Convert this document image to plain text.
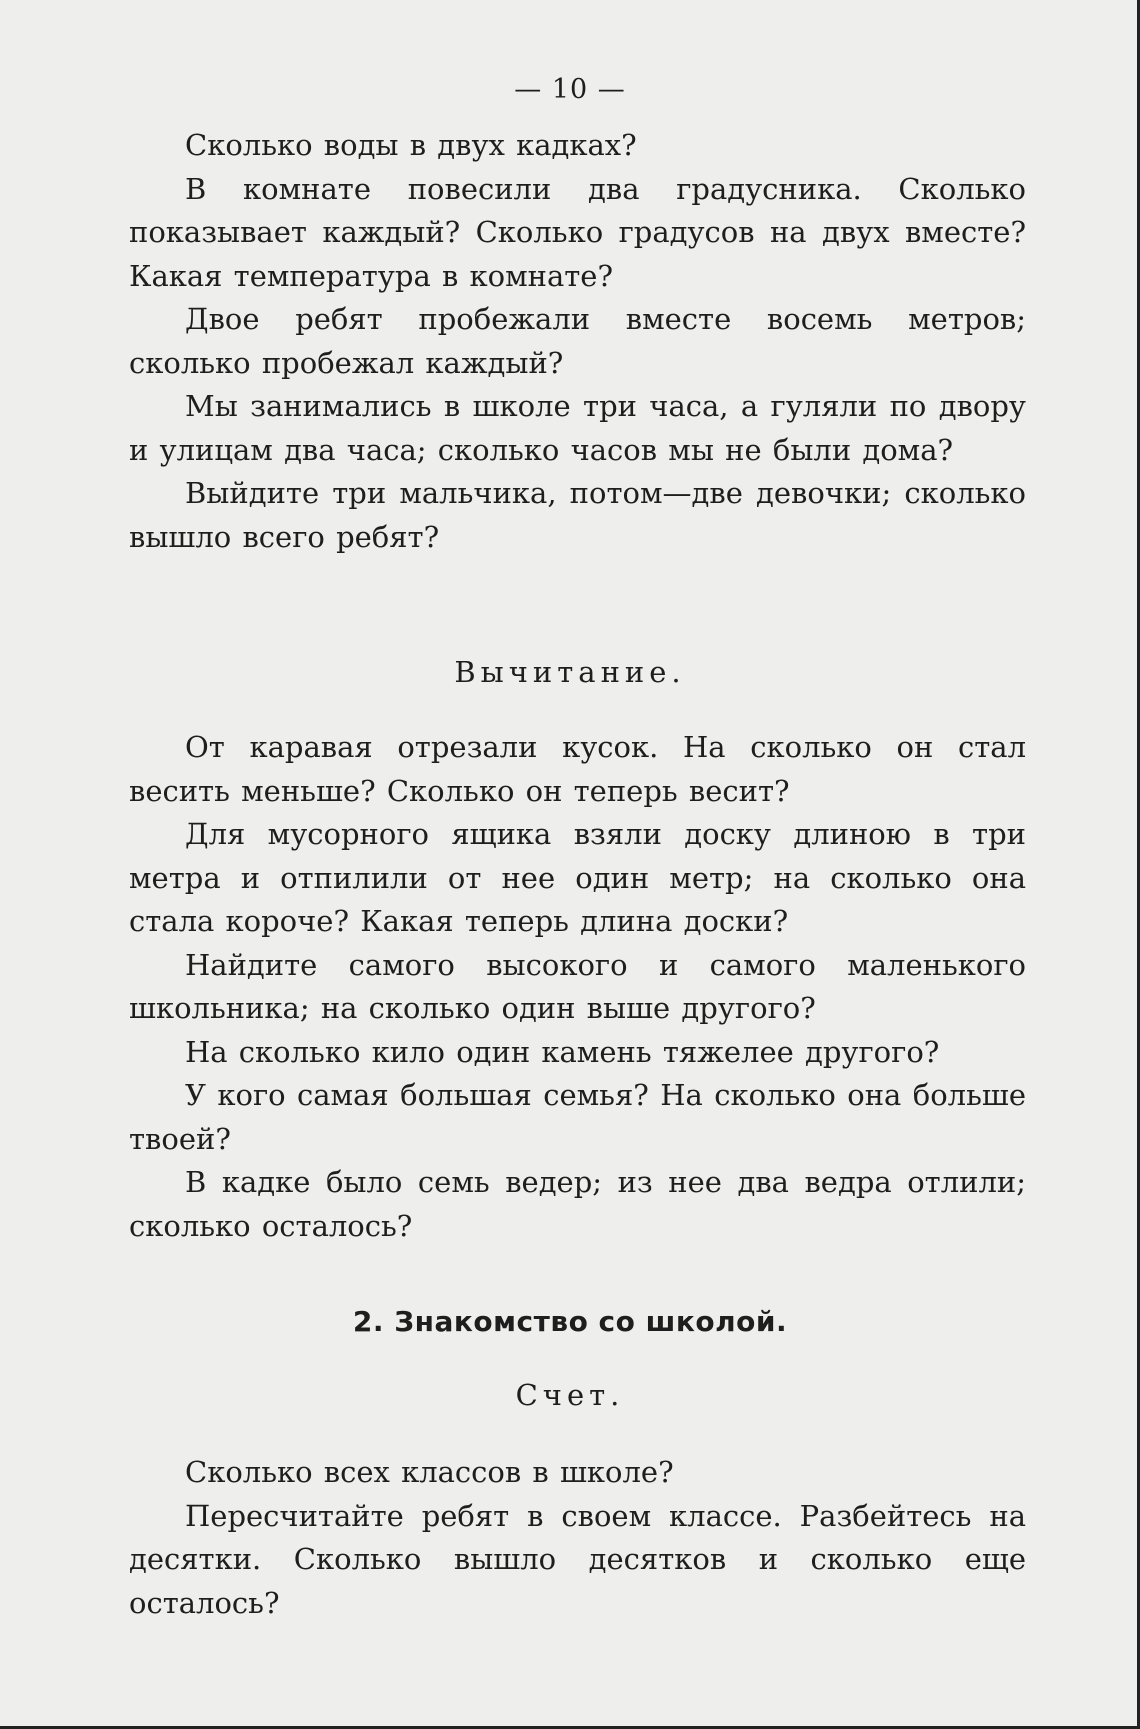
— 10 —

Сколько воды в двух кадках?

В комнате повесили два градусника. Сколько показывает каждый? Сколько градусов на двух вместе? Какая температура в комнате?

Двое ребят пробежали вместе восемь метров; сколько пробежал каждый?

Мы занимались в школе три часа, а гуляли по двору и улицам два часа; сколько часов мы не были дома?

Выйдите три мальчика, потом—две девочки; сколько вышло всего ребят?

От каравая отрезали кусок. На сколько он стал весить меньше? Сколько он теперь весит?

Для мусорного ящика взяли доску длиною в три метра и отпилили от нее один метр; на сколько она стала короче? Какая теперь длина доски?

Найдите самого высокого и самого маленького школьника; на сколько один выше другого?

На сколько кило один камень тяжелее другого?

У кого самая большая семья? На сколько она больше твоей?

В кадке было семь ведер; из нее два ведра отлили; сколько осталось?

Сколько всех классов в школе?

Пересчитайте ребят в своем классе. Разбейтесь на десятки. Сколько вышло десятков и сколько еще осталось?

Вычитание.
2. Знакомство со школой.
Счет.
